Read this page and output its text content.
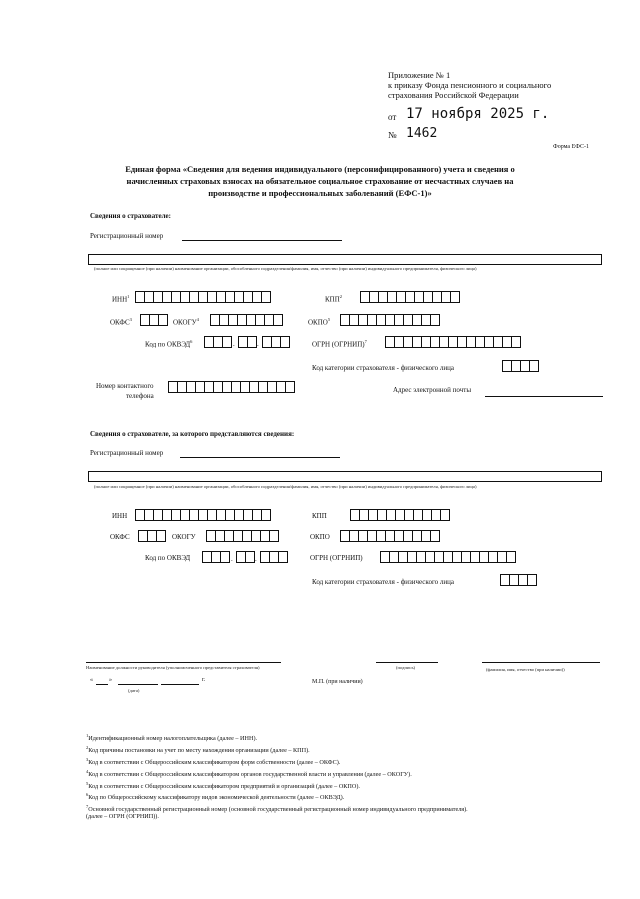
Приложение № 1
к приказу Фонда пенсионного и социального
страхования Российской Федерации
от 17 ноября 2025 г.
№ 1462
Форма ЕФС-1
Единая форма «Сведения для ведения индивидуального (персонифицированного) учета и сведения о
начисленных страховых взносах на обязательное социальное страхование от несчастных случаев на
производстве и профессиональных заболеваний (ЕФС-1)»
Сведения о страхователе:
Регистрационный номер
(полное или сокращенное (при наличии) наименование организации, обособленного подразделения/фамилия, имя, отчество (при наличии) индивидуального предпринимателя, физического лица)
ИНН$^1$	КПП$^2$
ОКФС$^3$	ОКОГУ$^4$	ОКПО$^5$
Код по ОКВЭД$^6$	.	.	ОГРН (ОГРНИП)$^7$
Код категории страхователя - физического лица
Номер контактного
телефона
Адрес электронной почты
Сведения о страхователе, за которого представляются сведения:
Регистрационный номер
(полное или сокращенное (при наличии) наименование организации, обособленного подразделения/фамилия, имя, отчество (при наличии) индивидуального предпринимателя, физического лица)
ИНН	КПП
ОКФС	ОКОГУ	ОКПО
Код по ОКВЭД	.	.	ОГРН (ОГРНИП)
Код категории страхователя - физического лица
Наименование должности руководителя (уполномоченного представителя страхователя)	(подпись)	(фамилия, имя, отчество (при наличии))
«	»	г.
(дата)
М.П. (при наличии)
$^1$Идентификационный номер налогоплательщика (далее – ИНН).
$^2$Код причины постановки на учет по месту нахождения организации (далее – КПП).
$^3$Код в соответствии с Общероссийским классификатором форм собственности (далее – ОКФС).
$^4$Код в соответствии с Общероссийским классификатором органов государственной власти и управления (далее – ОКОГУ).
$^5$Код в соответствии с Общероссийским классификатором предприятий и организаций (далее – ОКПО).
$^6$Код по Общероссийскому классификатору видов экономической деятельности (далее – ОКВЭД).
$^7$Основной государственный регистрационный номер (основной государственный регистрационный номер индивидуального предпринимателя).
(далее – ОГРН (ОГРНИП)).
